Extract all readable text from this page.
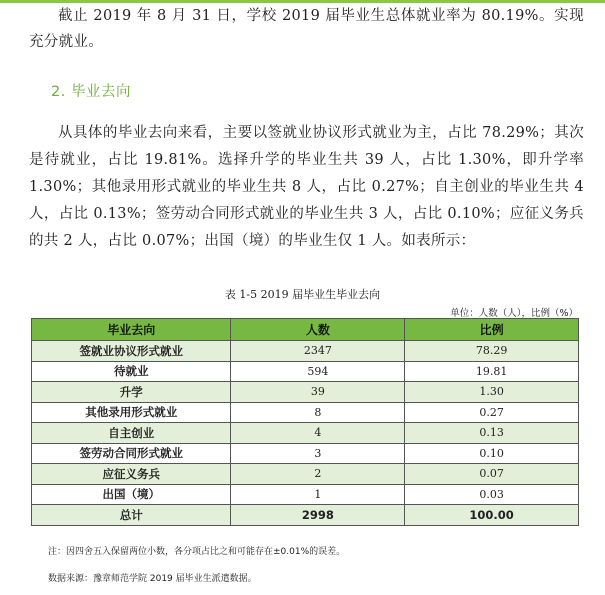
截止 2019 年 8 月 31 日，学校 2019 届毕业生总体就业率为 80.19%。实现充分就业。
2. 毕业去向
从具体的毕业去向来看，主要以签就业协议形式就业为主，占比 78.29%；其次是待就业，占比 19.81%。选择升学的毕业生共 39 人，占比 1.30%，即升学率 1.30%；其他录用形式就业的毕业生共 8 人，占比 0.27%；自主创业的毕业生共 4 人，占比 0.13%；签劳动合同形式就业的毕业生共 3 人，占比 0.10%；应征义务兵的共 2 人，占比 0.07%；出国（境）的毕业生仅 1 人。如表所示：
表 1-5 2019 届毕业生毕业去向
单位：人数（人），比例（%）
毕业去向	人数	比例
签就业协议形式就业	2347	78.29
待就业	594	19.81
升学	39	1.30
其他录用形式就业	8	0.27
自主创业	4	0.13
签劳动合同形式就业	3	0.10
应征义务兵	2	0.07
出国（境）	1	0.03
总计	2998	100.00
注：因四舍五入保留两位小数，各分项占比之和可能存在±0.01%的误差。
数据来源：豫章师范学院 2019 届毕业生派遣数据。
